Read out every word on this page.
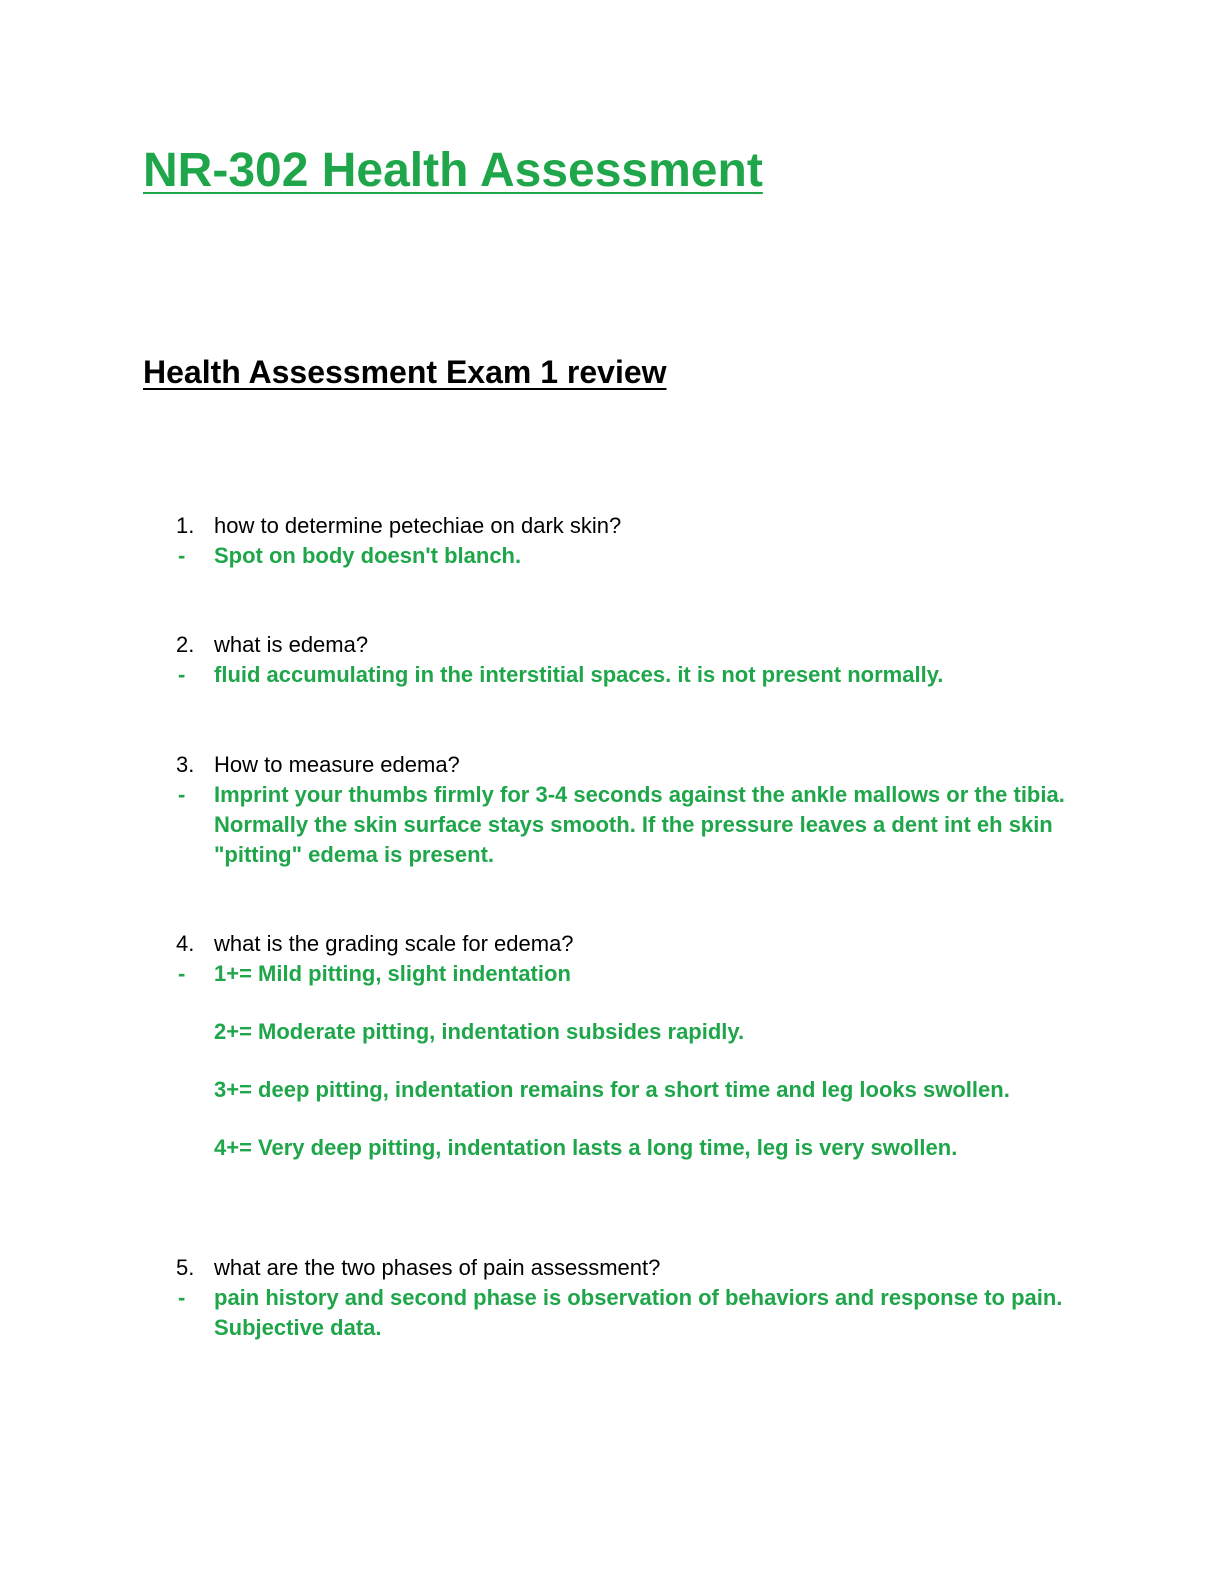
NR-302 Health Assessment
Health Assessment Exam 1 review
1. how to determine petechiae on dark skin?
-	Spot on body doesn't blanch.

2. what is edema?
-	fluid accumulating in the interstitial spaces. it is not present normally.

3. How to measure edema?
-	Imprint your thumbs firmly for 3-4 seconds against the ankle mallows or the tibia. Normally the skin surface stays smooth. If the pressure leaves a dent int eh skin "pitting" edema is present.

4. what is the grading scale for edema?
-	1+= Mild pitting, slight indentation

2+= Moderate pitting, indentation subsides rapidly.

3+= deep pitting, indentation remains for a short time and leg looks swollen.

4+= Very deep pitting, indentation lasts a long time, leg is very swollen.

5. what are the two phases of pain assessment?
-	pain history and second phase is observation of behaviors and response to pain. Subjective data.
